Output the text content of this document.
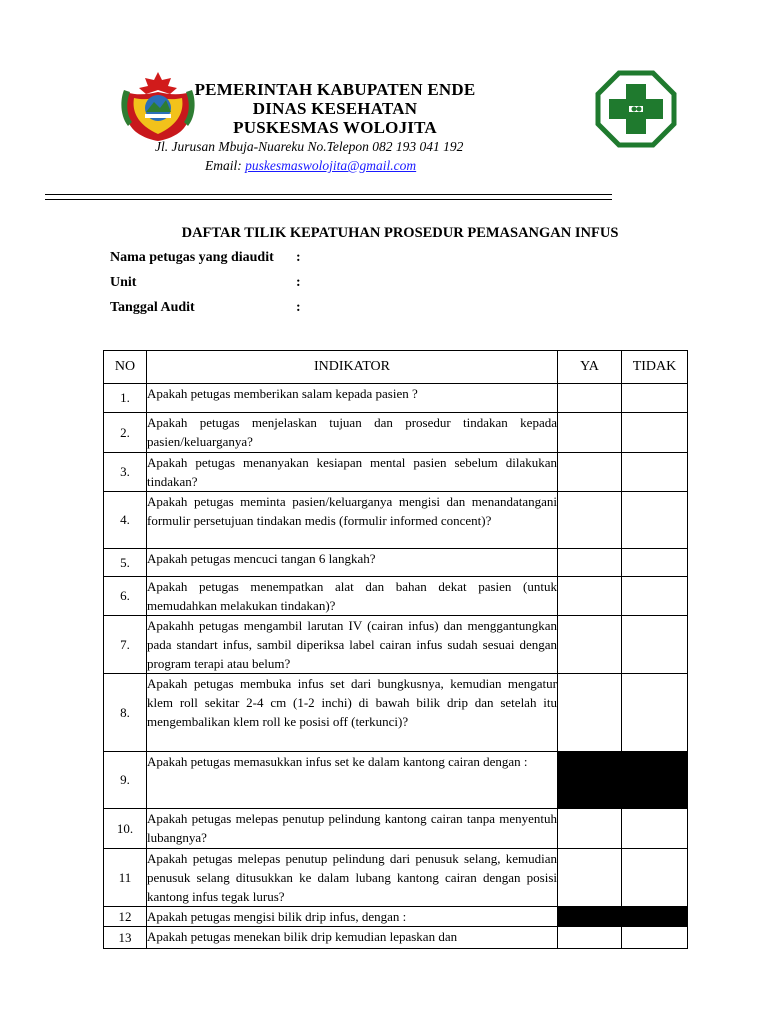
PEMERINTAH KABUPATEN ENDE
DINAS KESEHATAN
PUSKESMAS WOLOJITA
Jl. Jurusan Mbuja-Nuareku No.Telepon 082 193 041 192
Email: puskesmaswolojita@gmail.com
DAFTAR TILIK KEPATUHAN PROSEDUR PEMASANGAN INFUS
Nama petugas yang diaudit :
Unit	:
Tanggal Audit	:
NO	INDIKATOR	YA	TIDAK
1.	Apakah petugas memberikan salam kepada pasien ?		
2.	Apakah petugas menjelaskan tujuan dan prosedur tindakan kepada pasien/keluarganya?		
3.	Apakah petugas menanyakan kesiapan mental pasien sebelum dilakukan tindakan?		
4.	Apakah petugas meminta pasien/keluarganya mengisi dan menandatangani formulir persetujuan tindakan medis (formulir informed concent)?		
5.	Apakah petugas mencuci tangan 6 langkah?		
6.	Apakah petugas menempatkan alat dan bahan dekat pasien (untuk memudahkan melakukan tindakan)?		
7.	Apakahh petugas mengambil larutan IV (cairan infus) dan menggantungkan pada standart infus, sambil diperiksa label cairan infus sudah sesuai dengan program terapi atau belum?		
8.	Apakah petugas membuka infus set dari bungkusnya, kemudian mengatur klem roll sekitar 2-4 cm (1-2 inchi) di bawah bilik drip dan setelah itu mengembalikan klem roll ke posisi off (terkunci)?		
9.	Apakah petugas memasukkan infus set ke dalam kantong cairan dengan :		
10.	Apakah petugas melepas penutup pelindung kantong cairan tanpa menyentuh lubangnya?		
11	Apakah petugas melepas penutup pelindung dari penusuk selang, kemudian penusuk selang ditusukkan ke dalam lubang kantong cairan dengan posisi kantong infus tegak lurus?		
12	Apakah petugas mengisi bilik drip infus, dengan :		
13	Apakah petugas menekan bilik drip kemudian lepaskan dan		
